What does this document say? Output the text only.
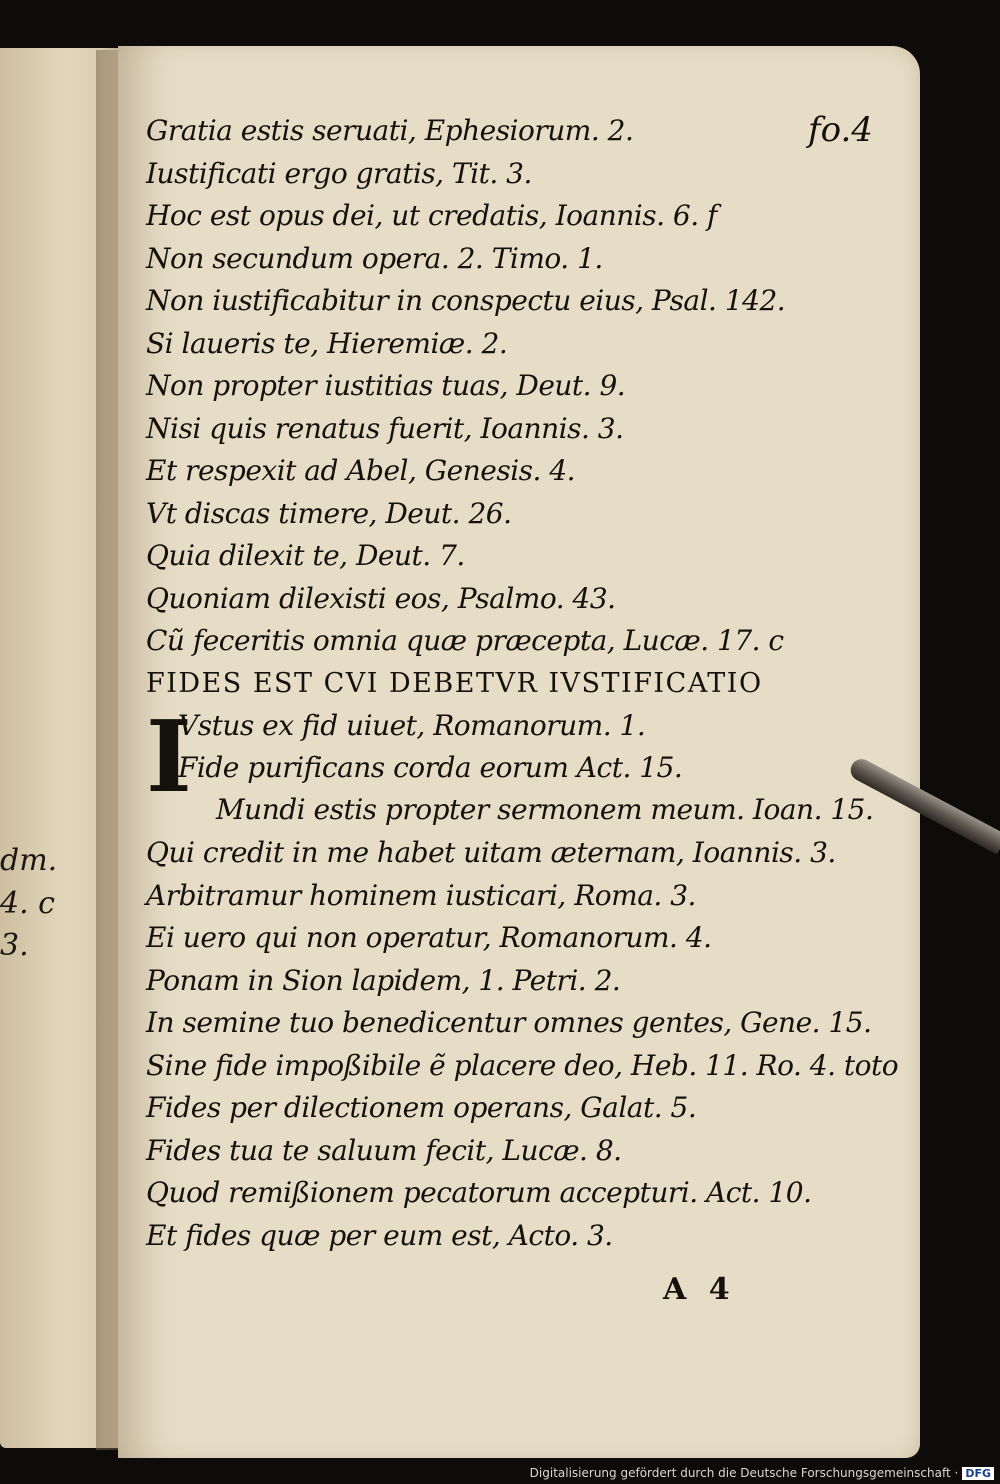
dm.
4. c
3.
fo.4
Gratia estis seruati, Ephesiorum. 2.
Iustificati ergo gratis, Tit. 3.
Hoc est opus dei, ut credatis, Ioannis. 6. f
Non secundum opera. 2. Timo. 1.
Non iustificabitur in conspectu eius, Psal. 142.
Si laueris te, Hieremiæ. 2.
Non propter iustitias tuas, Deut. 9.
Nisi quis renatus fuerit, Ioannis. 3.
Et respexit ad Abel, Genesis. 4.
Vt discas timere, Deut. 26.
Quia dilexit te, Deut. 7.
Quoniam dilexisti eos, Psalmo. 43.
Cũ feceritis omnia quæ præcepta, Lucæ. 17. c
FIDES EST CVI DEBETVR IVSTIFICATIO
I
Vstus ex fid uiuet, Romanorum. 1.
Fide purificans corda eorum Act. 15.
Mundi estis propter sermonem meum. Ioan. 15.
Qui credit in me habet uitam æternam, Ioannis. 3.
Arbitramur hominem iusticari, Roma. 3.
Ei uero qui non operatur, Romanorum. 4.
Ponam in Sion lapidem, 1. Petri. 2.
In semine tuo benedicentur omnes gentes, Gene. 15.
Sine fide impoßibile ẽ placere deo, Heb. 11. Ro. 4. toto
Fides per dilectionem operans, Galat. 5.
Fides tua te saluum fecit, Lucæ. 8.
Quod remißionem pecatorum accepturi. Act. 10.
Et fides quæ per eum est, Acto. 3.
A 4
Digitalisierung gefördert durch die Deutsche Forschungsgemeinschaft · DFG
